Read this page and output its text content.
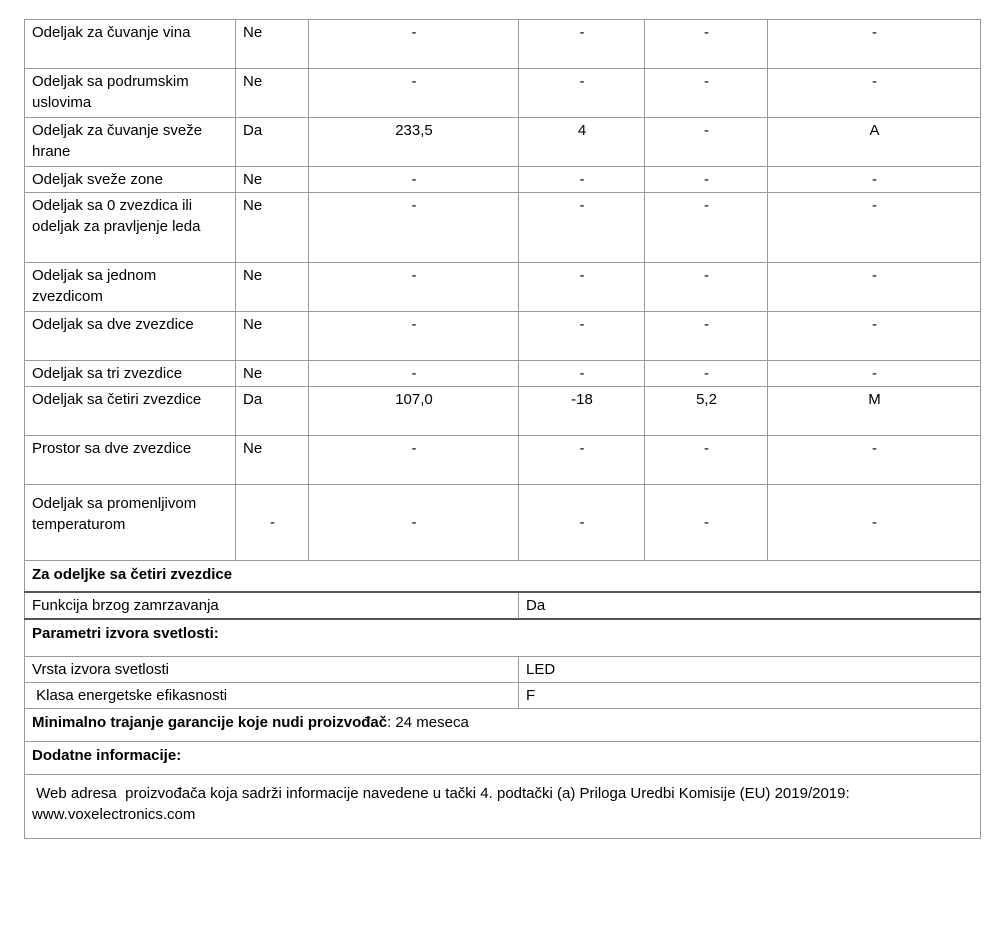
Odeljak za čuvanje vina	Ne	-	-	-	-
Odeljak sa podrumskim uslovima	Ne	-	-	-	-
Odeljak za čuvanje sveže hrane	Da	233,5	4	-	A
Odeljak sveže zone	Ne	-	-	-	-
Odeljak sa 0 zvezdica ili odeljak za pravljenje leda	Ne	-	-	-	-
Odeljak sa jednom zvezdicom	Ne	-	-	-	-
Odeljak sa dve zvezdice	Ne	-	-	-	-
Odeljak sa tri zvezdice	Ne	-	-	-	-
Odeljak sa četiri zvezdice	Da	107,0	-18	5,2	M
Prostor sa dve zvezdice	Ne	-	-	-	-
Odeljak sa promenljivom temperaturom	-	-	-	-	-
Za odeljke sa četiri zvezdice					
Funkcija brzog zamrzavanja			Da		
Parametri izvora svetlosti:					
Vrsta izvora svetlosti			LED		
Klasa energetske efikasnosti			F		
Minimalno trajanje garancije koje nudi proizvođač: 24 meseca					
Dodatne informacije:					
Web adresa  proizvođača koja sadrži informacije navedene u tački 4. podtački (a) Priloga Uredbi Komisije (EU) 2019/2019:  www.voxelectronics.com					
